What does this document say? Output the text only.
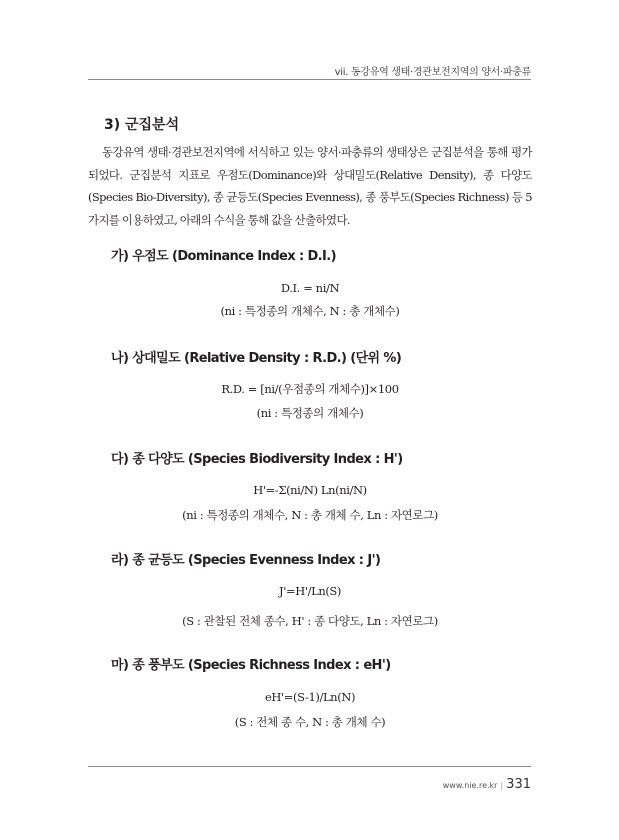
vii. 동강유역 생태·경관보전지역의 양서·파충류
3) 군집분석

동강유역 생태·경관보전지역에 서식하고 있는 양서·파충류의 생태상은 군집분석을 통해 평가되었다. 군집분석 지표로 우점도(Dominance)와 상대밀도(Relative Density), 종 다양도(Species Bio-Diversity), 종 균등도(Species Evenness), 종 풍부도(Species Richness) 등 5가지를 이용하였고, 아래의 수식을 통해 값을 산출하였다.

가) 우점도 (Dominance Index : D.I.)
D.I. = ni/N
(ni : 특정종의 개체수, N : 총 개체수)
나) 상대밀도 (Relative Density : R.D.) (단위 %)
R.D. = [ni/(우점종의 개체수)]×100
(ni : 특정종의 개체수)
다) 종 다양도 (Species Biodiversity Index : H')
H'=-Σ(ni/N) Ln(ni/N)
(ni : 특정종의 개체수, N : 총 개체 수, Ln : 자연로그)
라) 종 균등도 (Species Evenness Index : J')
J'=H'/Ln(S)
(S : 관찰된 전체 종수, H' : 종 다양도, Ln : 자연로그)
마) 종 풍부도 (Species Richness Index : eH')
eH'=(S-1)/Ln(N)
(S : 전체 종 수, N : 총 개체 수)
www.nie.re.kr | 331
